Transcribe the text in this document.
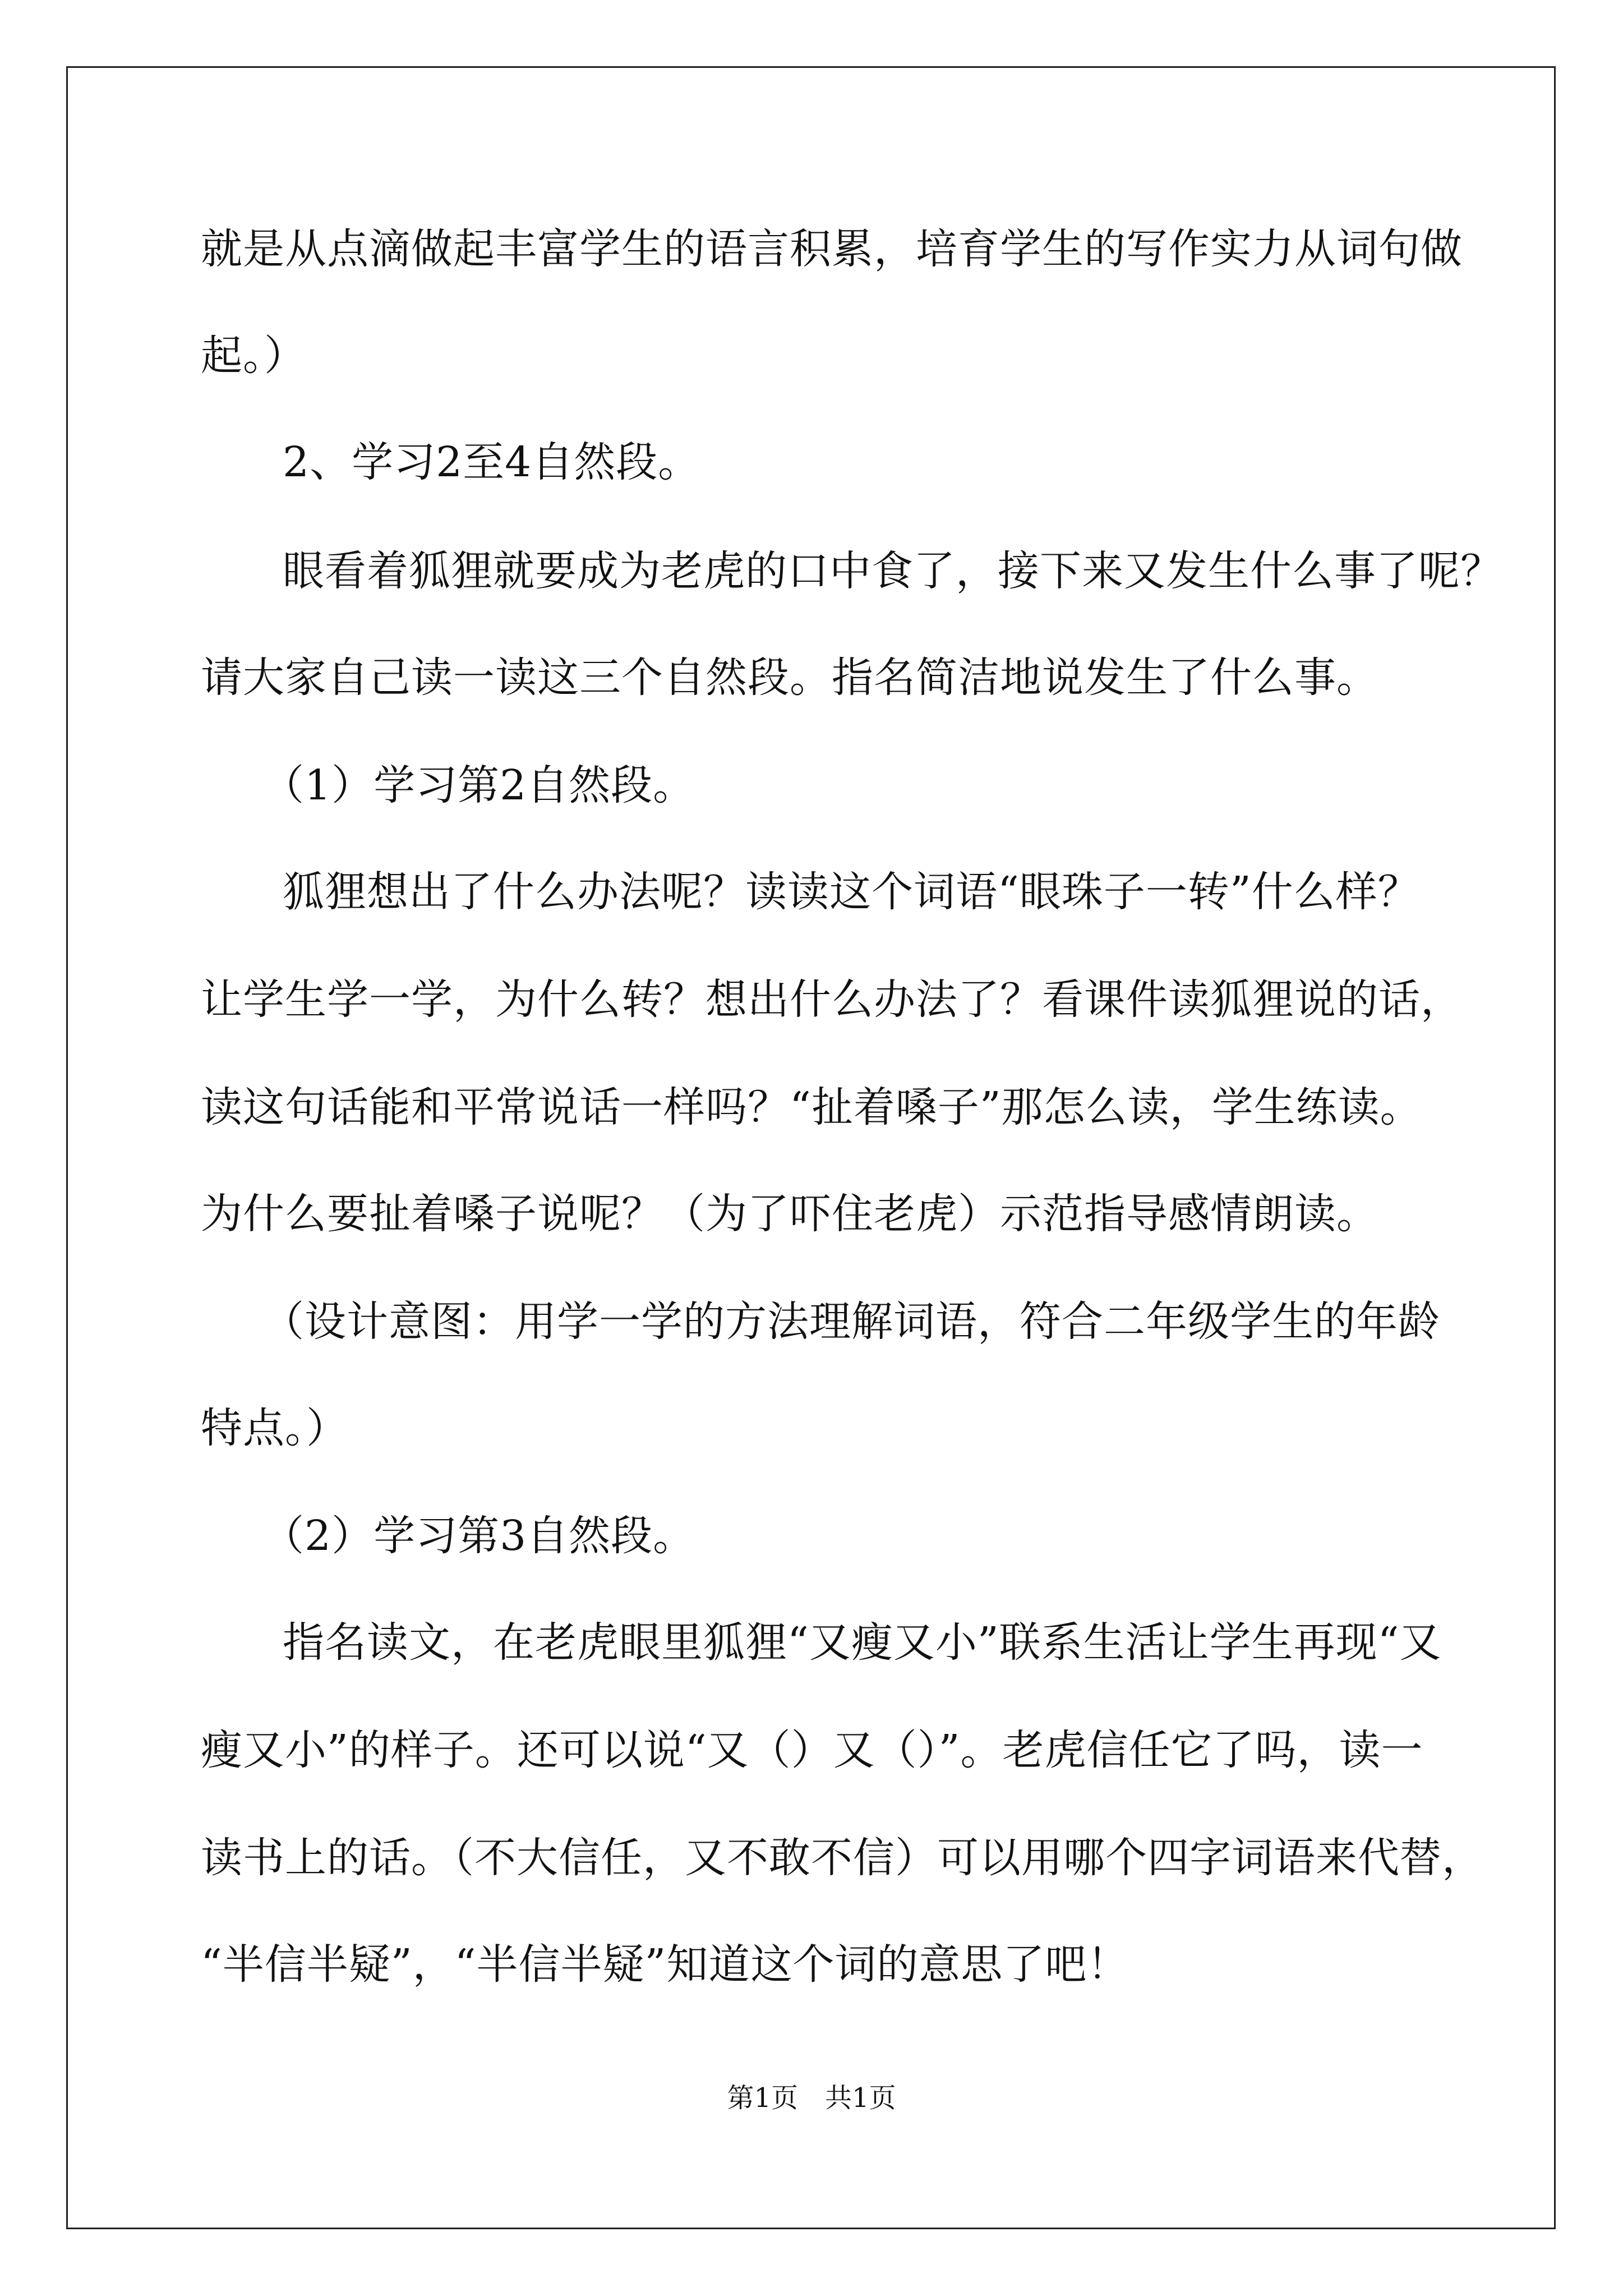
就是从点滴做起丰富学生的语言积累，培育学生的写作实力从词句做
起。）
2、学习2至4自然段。
眼看着狐狸就要成为老虎的口中食了，接下来又发生什么事了呢？
请大家自己读一读这三个自然段。指名简洁地说发生了什么事。
（1）学习第2自然段。
狐狸想出了什么办法呢？读读这个词语“眼珠子一转”什么样？
让学生学一学，为什么转？想出什么办法了？看课件读狐狸说的话，
读这句话能和平常说话一样吗？“扯着嗓子”那怎么读，学生练读。
为什么要扯着嗓子说呢？（为了吓住老虎）示范指导感情朗读。
（设计意图：用学一学的方法理解词语，符合二年级学生的年龄
特点。）
（2）学习第3自然段。
指名读文，在老虎眼里狐狸“又瘦又小”联系生活让学生再现“又
瘦又小”的样子。还可以说“又（）又（）”。老虎信任它了吗，读一
读书上的话。（不大信任，又不敢不信）可以用哪个四字词语来代替，
“半信半疑”，“半信半疑”知道这个词的意思了吧！
第1页　共1页
